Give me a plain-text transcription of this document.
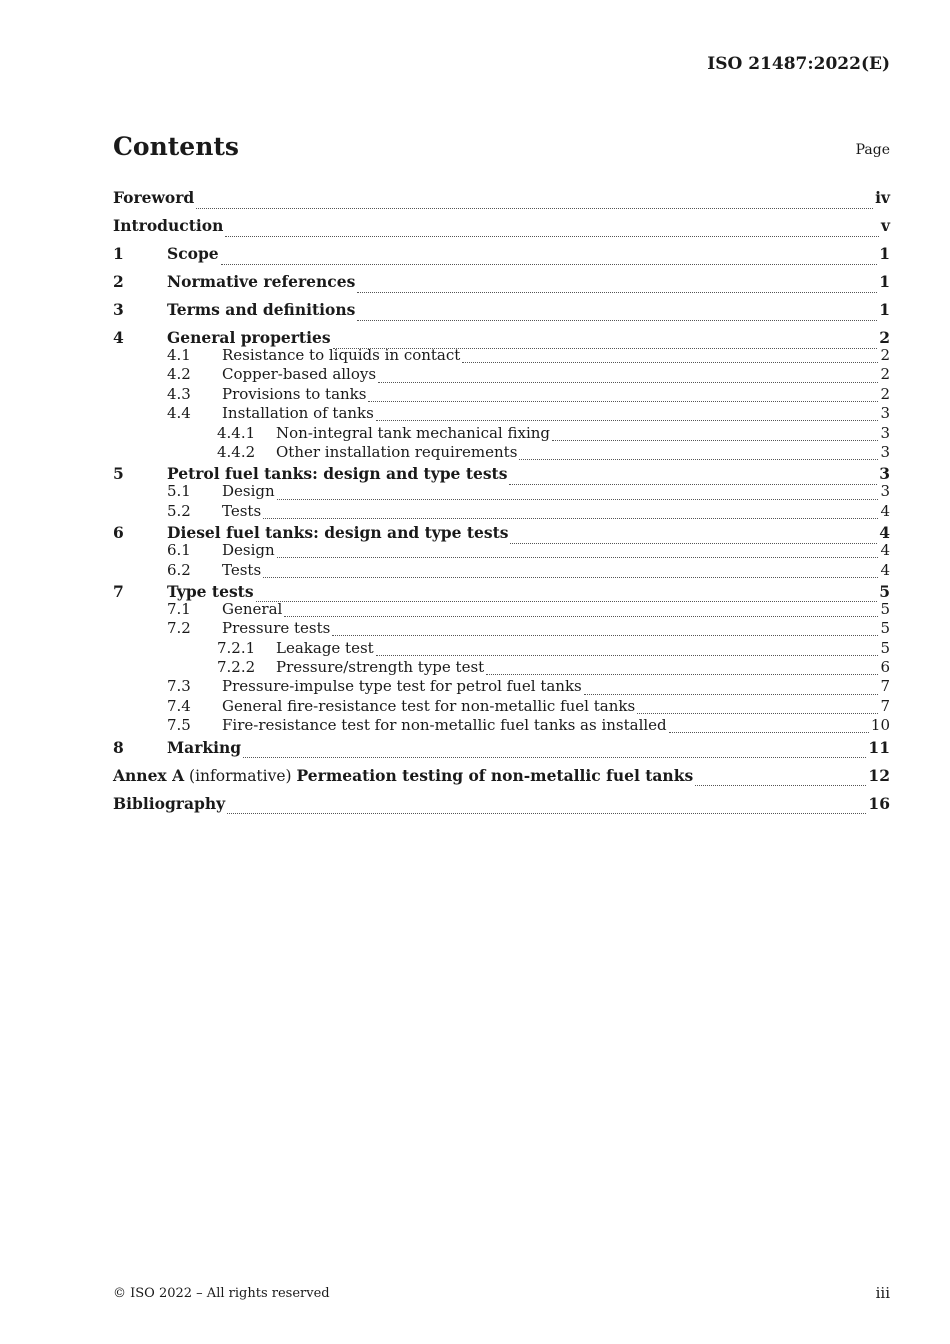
ISO 21487:2022(E)
Contents	Page
Foreword	iv
Introduction	v
1	Scope	1
2	Normative references	1
3	Terms and definitions	1
4	General properties	2
4.1	Resistance to liquids in contact	2
4.2	Copper-based alloys	2
4.3	Provisions to tanks	2
4.4	Installation of tanks	3
4.4.1	Non-integral tank mechanical fixing	3
4.4.2	Other installation requirements	3
5	Petrol fuel tanks: design and type tests	3
5.1	Design	3
5.2	Tests	4
6	Diesel fuel tanks: design and type tests	4
6.1	Design	4
6.2	Tests	4
7	Type tests	5
7.1	General	5
7.2	Pressure tests	5
7.2.1	Leakage test	5
7.2.2	Pressure/strength type test	6
7.3	Pressure-impulse type test for petrol fuel tanks	7
7.4	General fire-resistance test for non-metallic fuel tanks	7
7.5	Fire-resistance test for non-metallic fuel tanks as installed	10
8	Marking	11
Annex A (informative) Permeation testing of non-metallic fuel tanks	12
Bibliography	16
© ISO 2022 – All rights reserved	iii
